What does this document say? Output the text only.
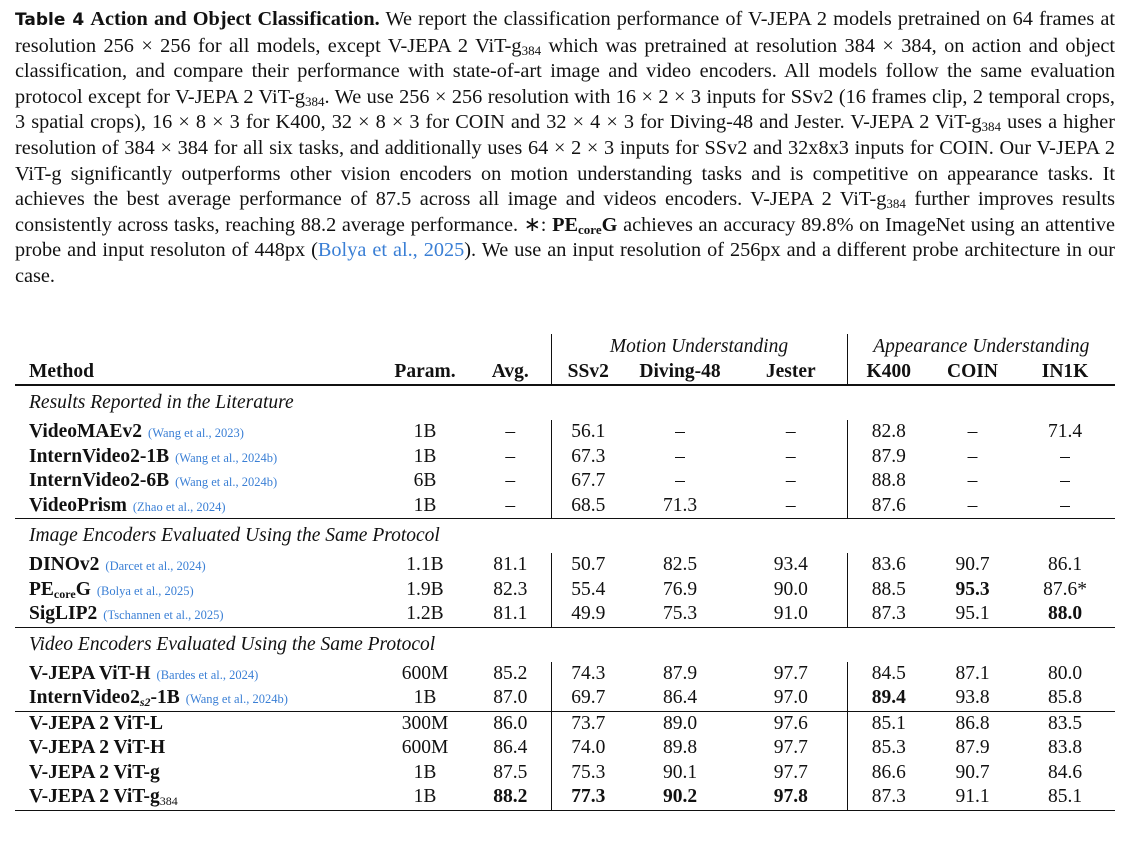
Table 4 Action and Object Classification. We report the classification performance of V-JEPA 2 models pretrained on 64 frames at resolution 256 × 256 for all models, except V-JEPA 2 ViT-$g_{384}$ which was pretrained at resolution 384 × 384, on action and object classification, and compare their performance with state-of-art image and video encoders. All models follow the same evaluation protocol except for V-JEPA 2 ViT-$g_{384}$. We use 256 × 256 resolution with 16 × 2 × 3 inputs for SSv2 (16 frames clip, 2 temporal crops, 3 spatial crops), 16 × 8 × 3 for K400, 32 × 8 × 3 for COIN and 32 × 4 × 3 for Diving-48 and Jester. V-JEPA 2 ViT-$g_{384}$ uses a higher resolution of 384 × 384 for all six tasks, and additionally uses 64 × 2 × 3 inputs for SSv2 and 32x8x3 inputs for COIN. Our V-JEPA 2 ViT-g significantly outperforms other vision encoders on motion understanding tasks and is competitive on appearance tasks. It achieves the best average performance of 87.5 across all image and videos encoders. V-JEPA 2 ViT-$g_{384}$ further improves results consistently across tasks, reaching 88.2 average performance. ∗: $PE_{core}G$ achieves an accuracy 89.8% on ImageNet using an attentive probe and input resoluton of 448px (Bolya et al., 2025). We use an input resolution of 256px and a different probe architecture in our case.
			Motion Understanding			Appearance Understanding		
Method	Param.	Avg.	SSv2	Diving-48	Jester	K400	COIN	IN1K
Results Reported in the Literature								
VideoMAEv2 (Wang et al., 2023)	1B	–	56.1	–	–	82.8	–	71.4
InternVideo2-1B (Wang et al., 2024b)	1B	–	67.3	–	–	87.9	–	–
InternVideo2-6B (Wang et al., 2024b)	6B	–	67.7	–	–	88.8	–	–
VideoPrism (Zhao et al., 2024)	1B	–	68.5	71.3	–	87.6	–	–
Image Encoders Evaluated Using the Same Protocol								
DINOv2 (Darcet et al., 2024)	1.1B	81.1	50.7	82.5	93.4	83.6	90.7	86.1
$PE_{core}G$ (Bolya et al., 2025)	1.9B	82.3	55.4	76.9	90.0	88.5	95.3	87.6*
SigLIP2 (Tschannen et al., 2025)	1.2B	81.1	49.9	75.3	91.0	87.3	95.1	88.0
Video Encoders Evaluated Using the Same Protocol								
V-JEPA ViT-H (Bardes et al., 2024)	600M	85.2	74.3	87.9	97.7	84.5	87.1	80.0
$InternVideo2_{s2}-1B$ (Wang et al., 2024b)	1B	87.0	69.7	86.4	97.0	89.4	93.8	85.8
V-JEPA 2 ViT-L	300M	86.0	73.7	89.0	97.6	85.1	86.8	83.5
V-JEPA 2 ViT-H	600M	86.4	74.0	89.8	97.7	85.3	87.9	83.8
V-JEPA 2 ViT-g	1B	87.5	75.3	90.1	97.7	86.6	90.7	84.6
V-JEPA 2 ViT-$g_{384}$	1B	88.2	77.3	90.2	97.8	87.3	91.1	85.1
